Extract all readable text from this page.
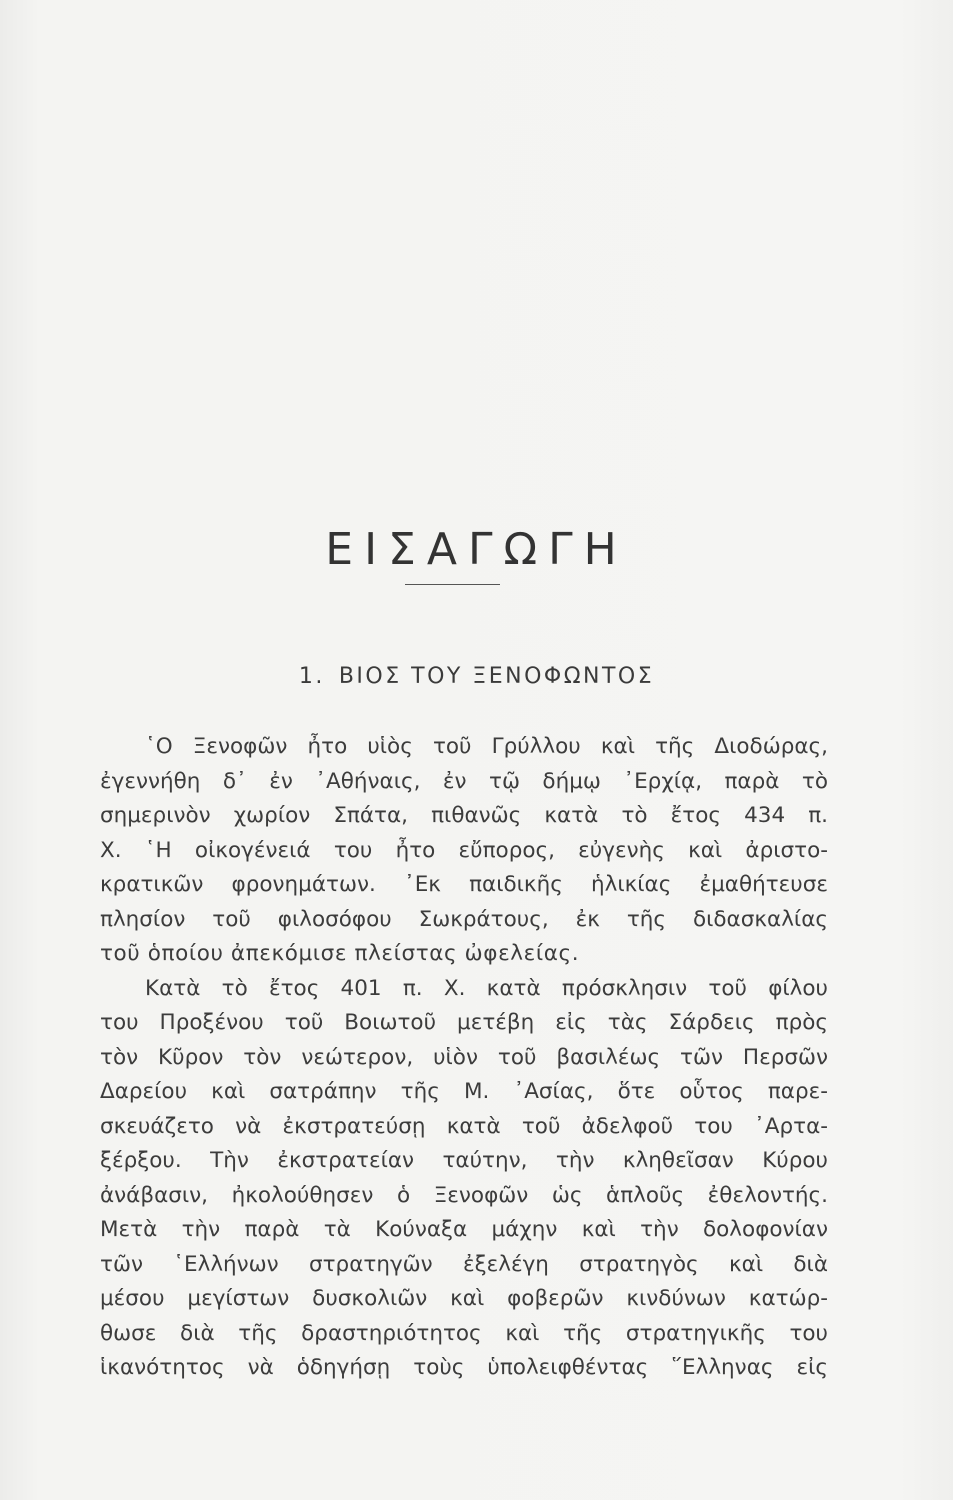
ΕΙΣΑΓΩΓΗ
1. ΒΙΟΣ ΤΟΥ ΞΕΝΟΦΩΝΤΟΣ
῾Ο Ξενοφῶν ἦτο υἱὸς τοῦ Γρύλλου καὶ τῆς Διοδώρας,
ἐγεννήθη δ᾿ ἐν ᾿Αθήναις, ἐν τῷ δήμῳ ᾿Ερχίᾳ, παρὰ τὸ
σημερινὸν χωρίον Σπάτα, πιθανῶς κατὰ τὸ ἔτος 434 π.
Χ. ῾Η οἰκογένειά του ἦτο εὔπορος, εὐγενὴς καὶ ἀριστο-
κρατικῶν φρονημάτων. ᾿Εκ παιδικῆς ἡλικίας ἐμαθήτευσε
πλησίον τοῦ φιλοσόφου Σωκράτους, ἐκ τῆς διδασκαλίας
τοῦ ὁποίου ἀπεκόμισε πλείστας ὠφελείας.
Κατὰ τὸ ἔτος 401 π. Χ. κατὰ πρόσκλησιν τοῦ φίλου
του Προξένου τοῦ Βοιωτοῦ μετέβη εἰς τὰς Σάρδεις πρὸς
τὸν Κῦρον τὸν νεώτερον, υἱὸν τοῦ βασιλέως τῶν Περσῶν
Δαρείου καὶ σατράπην τῆς Μ. ᾿Ασίας, ὅτε οὗτος παρε-
σκευάζετο νὰ ἐκστρατεύσῃ κατὰ τοῦ ἀδελφοῦ του ᾿Αρτα-
ξέρξου. Τὴν ἐκστρατείαν ταύτην, τὴν κληθεῖσαν Κύρου
ἀνάβασιν, ἠκολούθησεν ὁ Ξενοφῶν ὡς ἁπλοῦς ἐθελοντής.
Μετὰ τὴν παρὰ τὰ Κούναξα μάχην καὶ τὴν δολοφονίαν
τῶν ῾Ελλήνων στρατηγῶν ἐξελέγη στρατηγὸς καὶ διὰ
μέσου μεγίστων δυσκολιῶν καὶ φοβερῶν κινδύνων κατώρ-
θωσε διὰ τῆς δραστηριότητος καὶ τῆς στρατηγικῆς του
ἱκανότητος νὰ ὁδηγήσῃ τοὺς ὑπολειφθέντας ῞Ελληνας εἰς
